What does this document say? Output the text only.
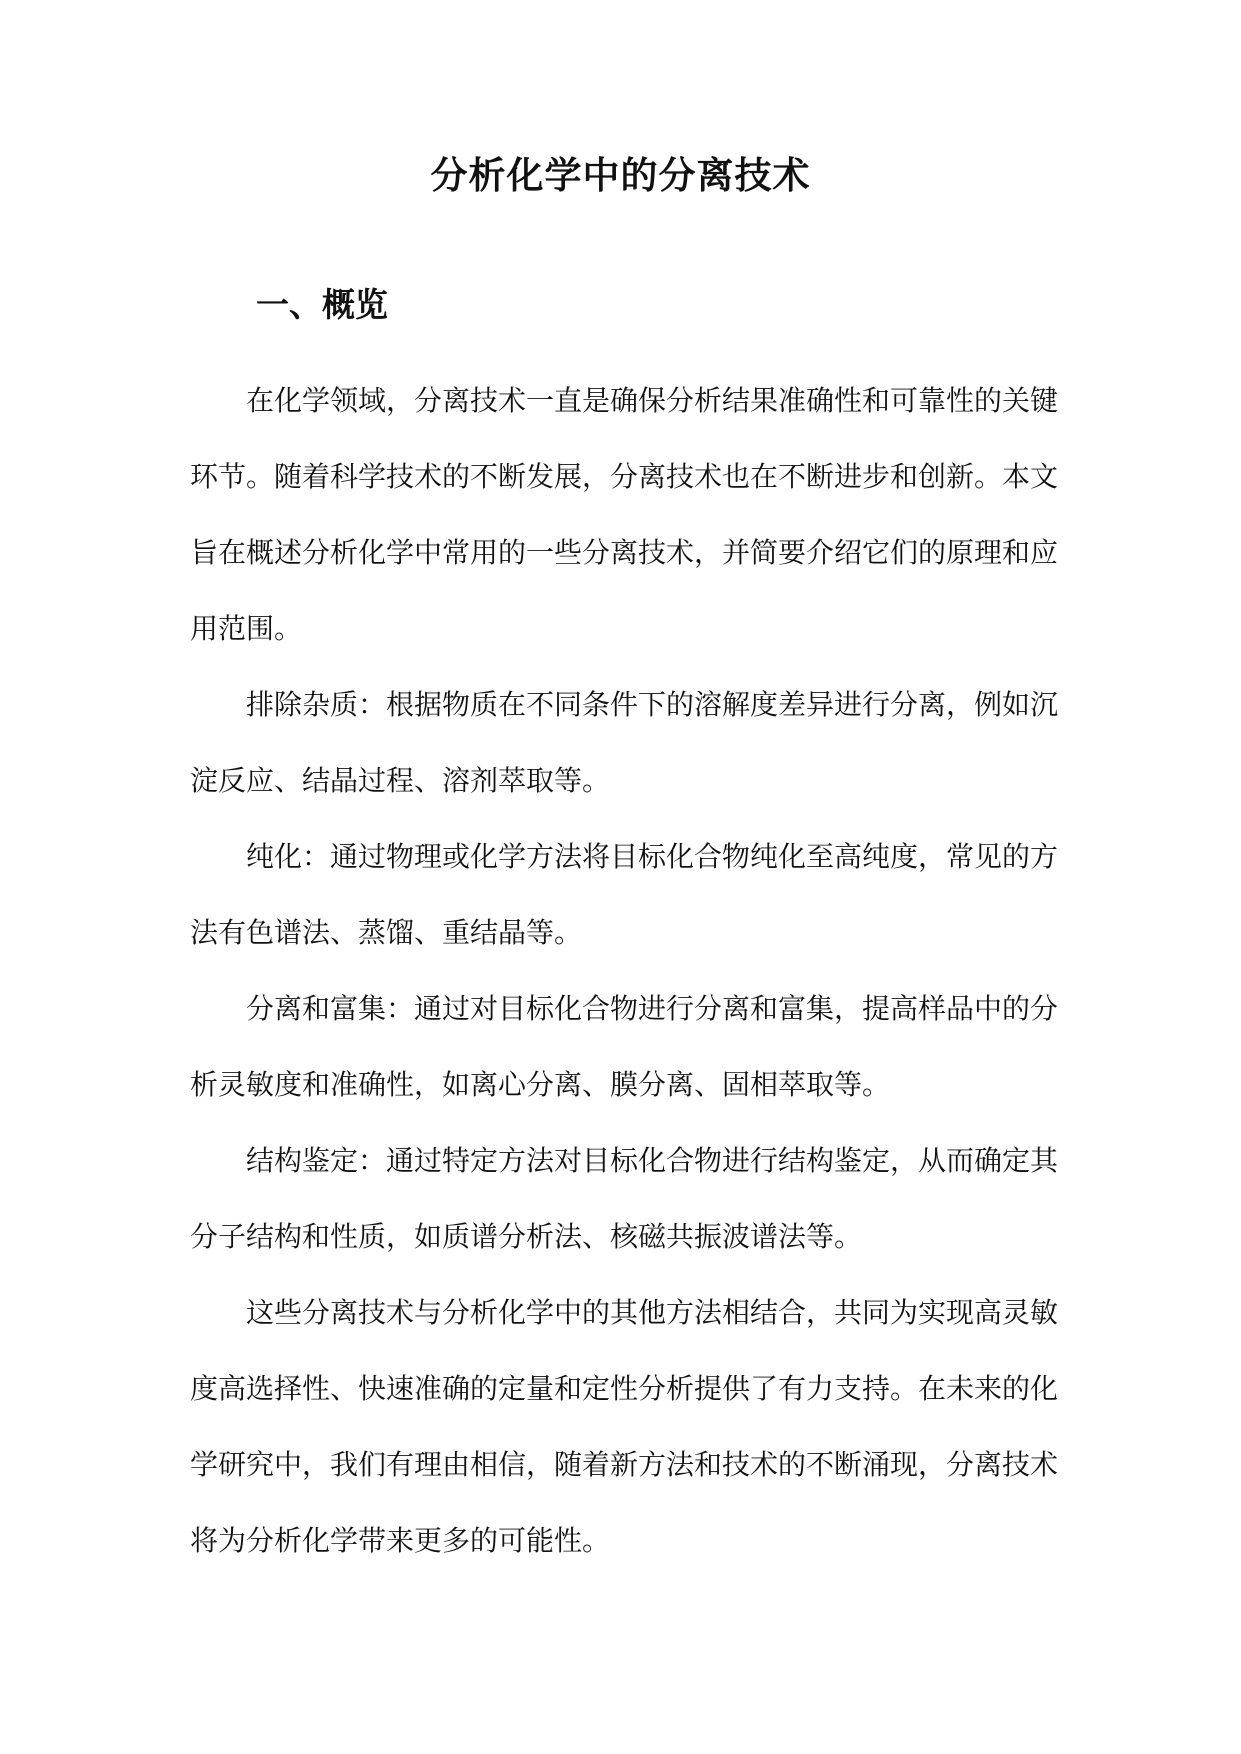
分析化学中的分离技术
一、概览

在化学领域，分离技术一直是确保分析结果准确性和可靠性的关键环节。随着科学技术的不断发展，分离技术也在不断进步和创新。本文旨在概述分析化学中常用的一些分离技术，并简要介绍它们的原理和应用范围。

排除杂质：根据物质在不同条件下的溶解度差异进行分离，例如沉淀反应、结晶过程、溶剂萃取等。

纯化：通过物理或化学方法将目标化合物纯化至高纯度，常见的方法有色谱法、蒸馏、重结晶等。

分离和富集：通过对目标化合物进行分离和富集，提高样品中的分析灵敏度和准确性，如离心分离、膜分离、固相萃取等。

结构鉴定：通过特定方法对目标化合物进行结构鉴定，从而确定其分子结构和性质，如质谱分析法、核磁共振波谱法等。

这些分离技术与分析化学中的其他方法相结合，共同为实现高灵敏度高选择性、快速准确的定量和定性分析提供了有力支持。在未来的化学研究中，我们有理由相信，随着新方法和技术的不断涌现，分离技术将为分析化学带来更多的可能性。
